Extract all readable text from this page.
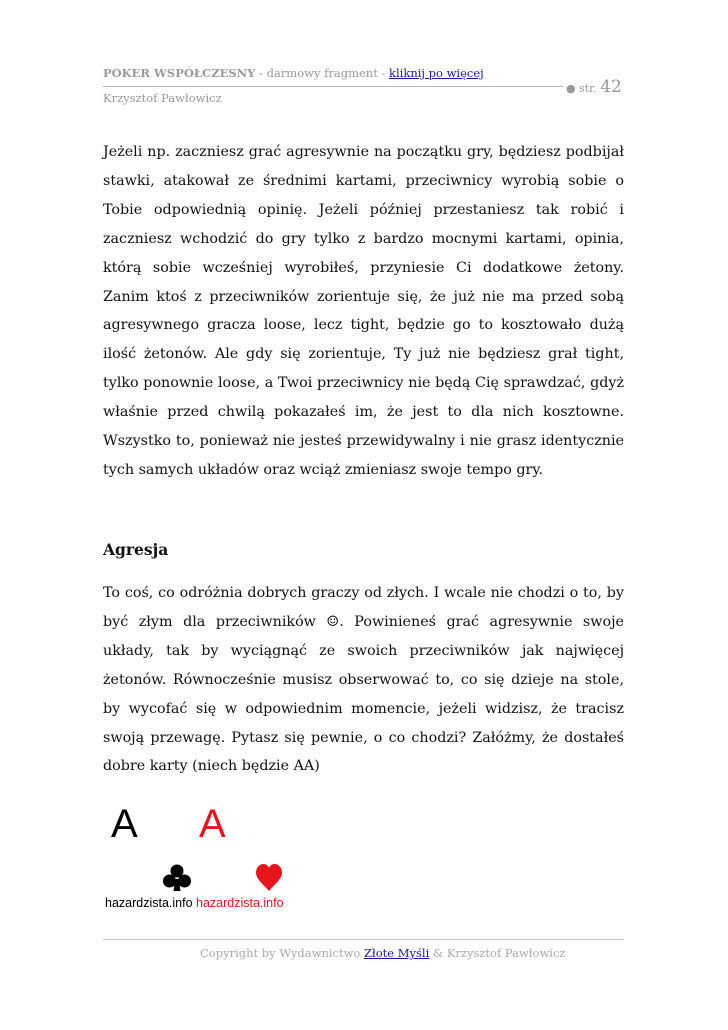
POKER WSPÓŁCZESNY - darmowy fragment - kliknij po więcej
● str. 42
Krzysztof Pawłowicz
Jeżeli np. zaczniesz grać agresywnie na początku gry, będziesz podbijał stawki, atakował ze średnimi kartami, przeciwnicy wyrobią sobie o Tobie odpowiednią opinię. Jeżeli później przestaniesz tak robić i zaczniesz wchodzić do gry tylko z bardzo mocnymi kartami, opinia, którą sobie wcześniej wyrobiłeś, przyniesie Ci dodatkowe żetony. Zanim ktoś z przeciwników zorientuje się, że już nie ma przed sobą agresywnego gracza loose, lecz tight, będzie go to kosztowało dużą ilość żetonów. Ale gdy się zorientuje, Ty już nie będziesz grał tight, tylko ponownie loose, a Twoi przeciwnicy nie będą Cię sprawdzać, gdyż właśnie przed chwilą pokazałeś im, że jest to dla nich kosztowne. Wszystko to, ponieważ nie jesteś przewidywalny i nie grasz identycznie tych samych układów oraz wciąż zmieniasz swoje tempo gry.
Agresja
To coś, co odróżnia dobrych graczy od złych. I wcale nie chodzi o to, by być złym dla przeciwników ☺. Powinieneś grać agresywnie swoje układy, tak by wyciągnąć ze swoich przeciwników jak najwięcej żetonów. Równocześnie musisz obserwować to, co się dzieje na stole, by wycofać się w odpowiednim momencie, jeżeli widzisz, że tracisz swoją przewagę. Pytasz się pewnie, o co chodzi? Załóżmy, że dostałeś dobre karty (niech będzie AA)
A
hazardzista.info
A
hazardzista.info
Copyright by Wydawnictwo Złote Myśli & Krzysztof Pawłowicz
